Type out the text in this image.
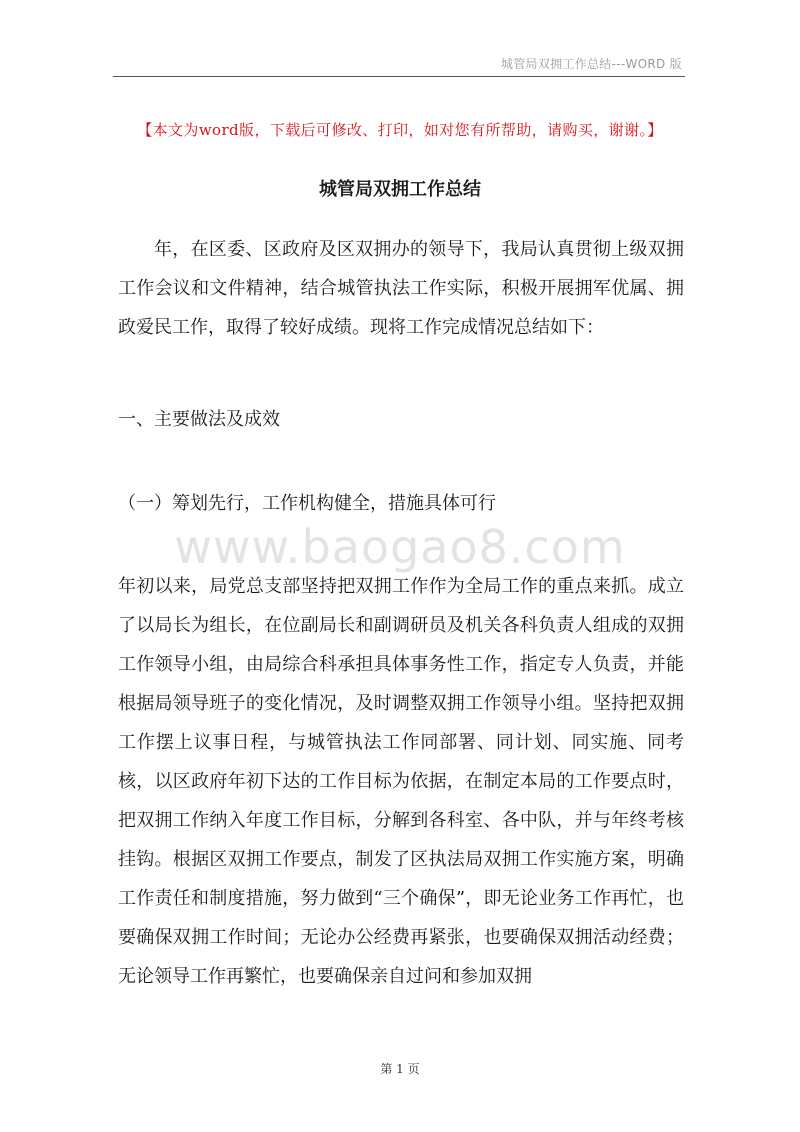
城管局双拥工作总结---WORD 版
【本文为word版，下载后可修改、打印，如对您有所帮助，请购买，谢谢。】
城管局双拥工作总结
年，在区委、区政府及区双拥办的领导下，我局认真贯彻上级双拥工作会议和文件精神，结合城管执法工作实际，积极开展拥军优属、拥政爱民工作，取得了较好成绩。现将工作完成情况总结如下：
一、主要做法及成效
（一）筹划先行，工作机构健全，措施具体可行
www.baogao8.com
年初以来，局党总支部坚持把双拥工作作为全局工作的重点来抓。成立了以局长为组长，在位副局长和副调研员及机关各科负责人组成的双拥工作领导小组，由局综合科承担具体事务性工作，指定专人负责，并能根据局领导班子的变化情况，及时调整双拥工作领导小组。坚持把双拥工作摆上议事日程，与城管执法工作同部署、同计划、同实施、同考核，以区政府年初下达的工作目标为依据，在制定本局的工作要点时，把双拥工作纳入年度工作目标，分解到各科室、各中队，并与年终考核挂钩。根据区双拥工作要点，制发了区执法局双拥工作实施方案，明确工作责任和制度措施，努力做到“三个确保”，即无论业务工作再忙，也要确保双拥工作时间；无论办公经费再紧张，也要确保双拥活动经费；无论领导工作再繁忙，也要确保亲自过问和参加双拥
第 1 页
